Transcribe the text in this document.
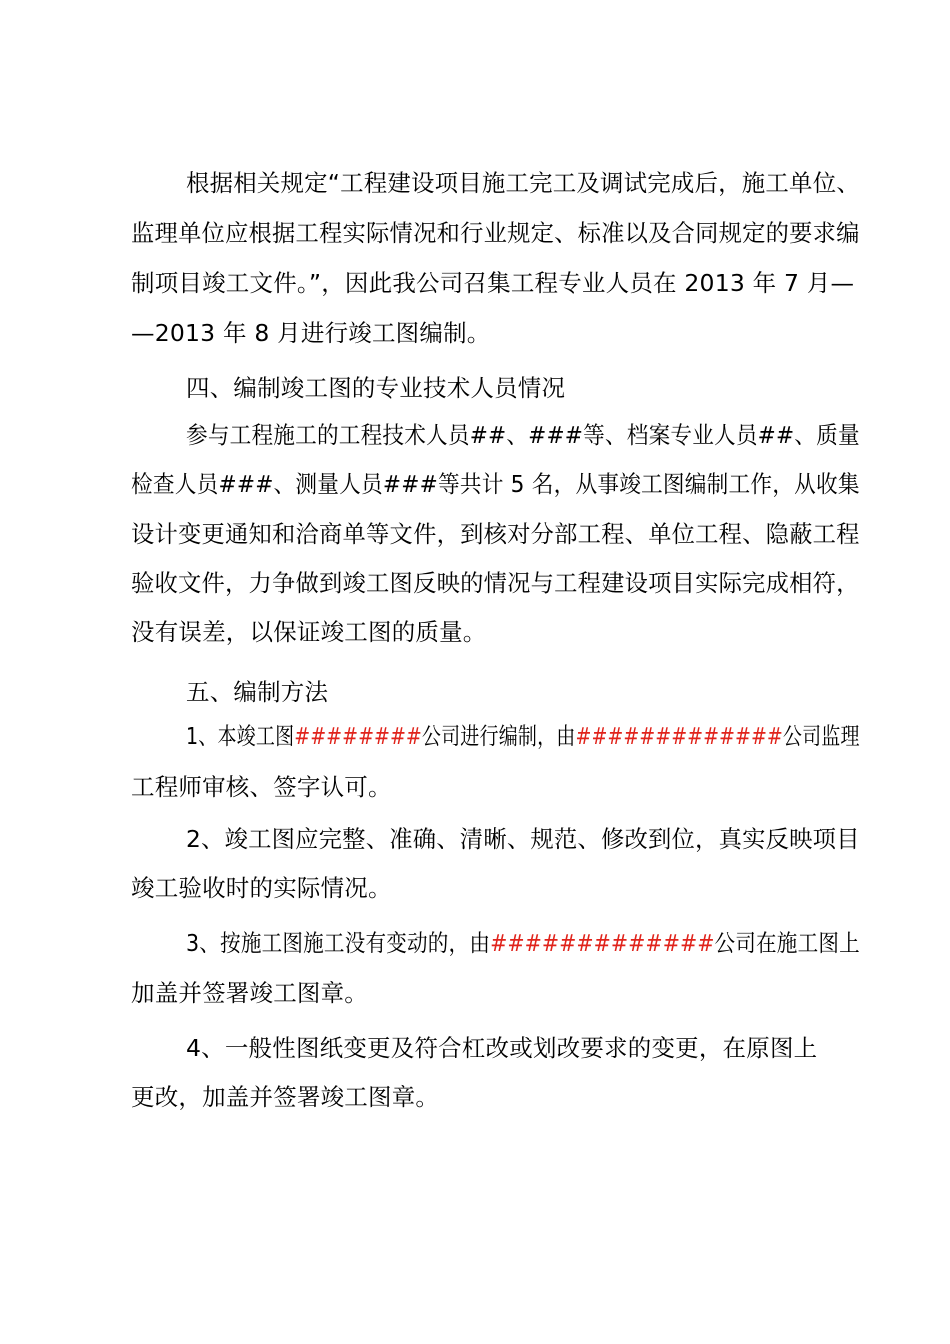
根据相关规定“工程建设项目施工完工及调试完成后，施工单位、
监理单位应根据工程实际情况和行业规定、标准以及合同规定的要求编
制项目竣工文件。”，因此我公司召集工程专业人员在 2013 年 7 月—
—2013 年 8 月进行竣工图编制。
四、编制竣工图的专业技术人员情况
参与工程施工的工程技术人员##、###等、档案专业人员##、质量
检查人员###、测量人员###等共计 5 名，从事竣工图编制工作，从收集
设计变更通知和洽商单等文件，到核对分部工程、单位工程、隐蔽工程
验收文件，力争做到竣工图反映的情况与工程建设项目实际完成相符，
没有误差，以保证竣工图的质量。
五、编制方法
1、本竣工图########公司进行编制，由#############公司监理
工程师审核、签字认可。
2、竣工图应完整、准确、清晰、规范、修改到位，真实反映项目
竣工验收时的实际情况。
3、按施工图施工没有变动的，由#############公司在施工图上
加盖并签署竣工图章。
4、一般性图纸变更及符合杠改或划改要求的变更，在原图上
更改，加盖并签署竣工图章。
